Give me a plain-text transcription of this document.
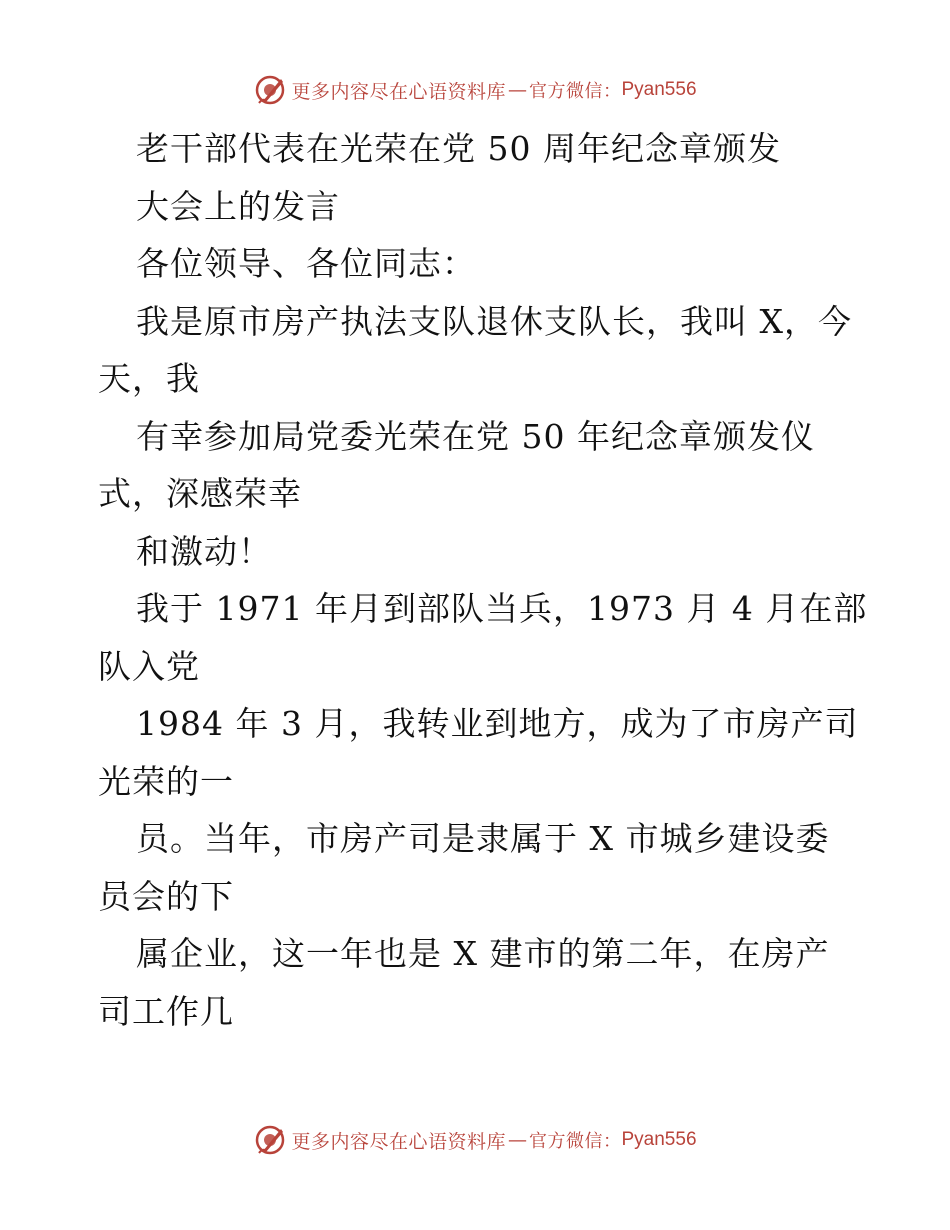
更多内容尽在心语资料库 — 官方微信： Pyan556
老干部代表在光荣在党 50 周年纪念章颁发
大会上的发言
各位领导、各位同志：
我是原市房产执法支队退休支队长，我叫 X，今
天，我
有幸参加局党委光荣在党 50 年纪念章颁发仪
式，深感荣幸
和激动！
我于 1971 年月到部队当兵，1973 月 4 月在部
队入党
1984 年 3 月，我转业到地方，成为了市房产司
光荣的一
员。当年，市房产司是隶属于 X 市城乡建设委
员会的下
属企业，这一年也是 X 建市的第二年，在房产
司工作几
更多内容尽在心语资料库 — 官方微信： Pyan556
